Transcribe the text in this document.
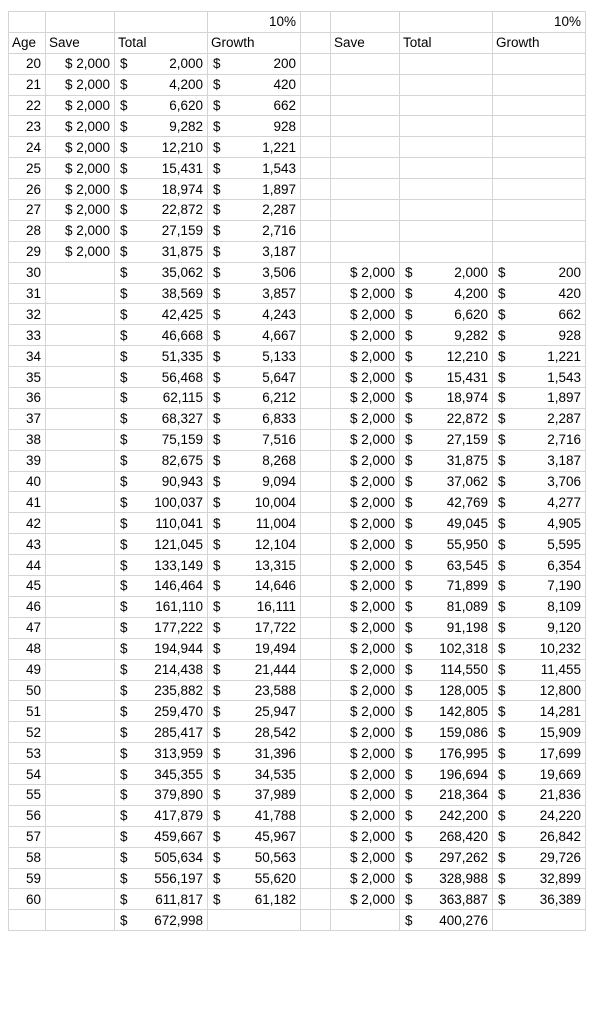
			10%				10%
Age	Save	Total	Growth		Save	Total	Growth
20	$ 2,000	$ 2,000	$ 200				

21	$ 2,000	$ 4,200	$ 420				

22	$ 2,000	$ 6,620	$ 662				

23	$ 2,000	$ 9,282	$ 928				

24	$ 2,000	$ 12,210	$ 1,221				

25	$ 2,000	$ 15,431	$ 1,543				

26	$ 2,000	$ 18,974	$ 1,897				

27	$ 2,000	$ 22,872	$ 2,287				

28	$ 2,000	$ 27,159	$ 2,716				

29	$ 2,000	$ 31,875	$ 3,187				

30		$ 35,062	$ 3,506		$ 2,000	$ 2,000	$ 200

31		$ 38,569	$ 3,857		$ 2,000	$ 4,200	$ 420

32		$ 42,425	$ 4,243		$ 2,000	$ 6,620	$ 662

33		$ 46,668	$ 4,667		$ 2,000	$ 9,282	$ 928

34		$ 51,335	$ 5,133		$ 2,000	$ 12,210	$ 1,221

35		$ 56,468	$ 5,647		$ 2,000	$ 15,431	$ 1,543

36		$ 62,115	$ 6,212		$ 2,000	$ 18,974	$ 1,897

37		$ 68,327	$ 6,833		$ 2,000	$ 22,872	$ 2,287

38		$ 75,159	$ 7,516		$ 2,000	$ 27,159	$ 2,716

39		$ 82,675	$ 8,268		$ 2,000	$ 31,875	$ 3,187

40		$ 90,943	$ 9,094		$ 2,000	$ 37,062	$ 3,706

41		$ 100,037	$ 10,004		$ 2,000	$ 42,769	$ 4,277

42		$ 110,041	$ 11,004		$ 2,000	$ 49,045	$ 4,905

43		$ 121,045	$ 12,104		$ 2,000	$ 55,950	$ 5,595

44		$ 133,149	$ 13,315		$ 2,000	$ 63,545	$ 6,354

45		$ 146,464	$ 14,646		$ 2,000	$ 71,899	$ 7,190

46		$ 161,110	$ 16,111		$ 2,000	$ 81,089	$ 8,109

47		$ 177,222	$ 17,722		$ 2,000	$ 91,198	$ 9,120

48		$ 194,944	$ 19,494		$ 2,000	$ 102,318	$ 10,232

49		$ 214,438	$ 21,444		$ 2,000	$ 114,550	$ 11,455

50		$ 235,882	$ 23,588		$ 2,000	$ 128,005	$ 12,800

51		$ 259,470	$ 25,947		$ 2,000	$ 142,805	$ 14,281

52		$ 285,417	$ 28,542		$ 2,000	$ 159,086	$ 15,909

53		$ 313,959	$ 31,396		$ 2,000	$ 176,995	$ 17,699

54		$ 345,355	$ 34,535		$ 2,000	$ 196,694	$ 19,669

55		$ 379,890	$ 37,989		$ 2,000	$ 218,364	$ 21,836

56		$ 417,879	$ 41,788		$ 2,000	$ 242,200	$ 24,220

57		$ 459,667	$ 45,967		$ 2,000	$ 268,420	$ 26,842

58		$ 505,634	$ 50,563		$ 2,000	$ 297,262	$ 29,726

59		$ 556,197	$ 55,620		$ 2,000	$ 328,988	$ 32,899

60		$ 611,817	$ 61,182		$ 2,000	$ 363,887	$ 36,389

		$ 672,998				$ 400,276	
